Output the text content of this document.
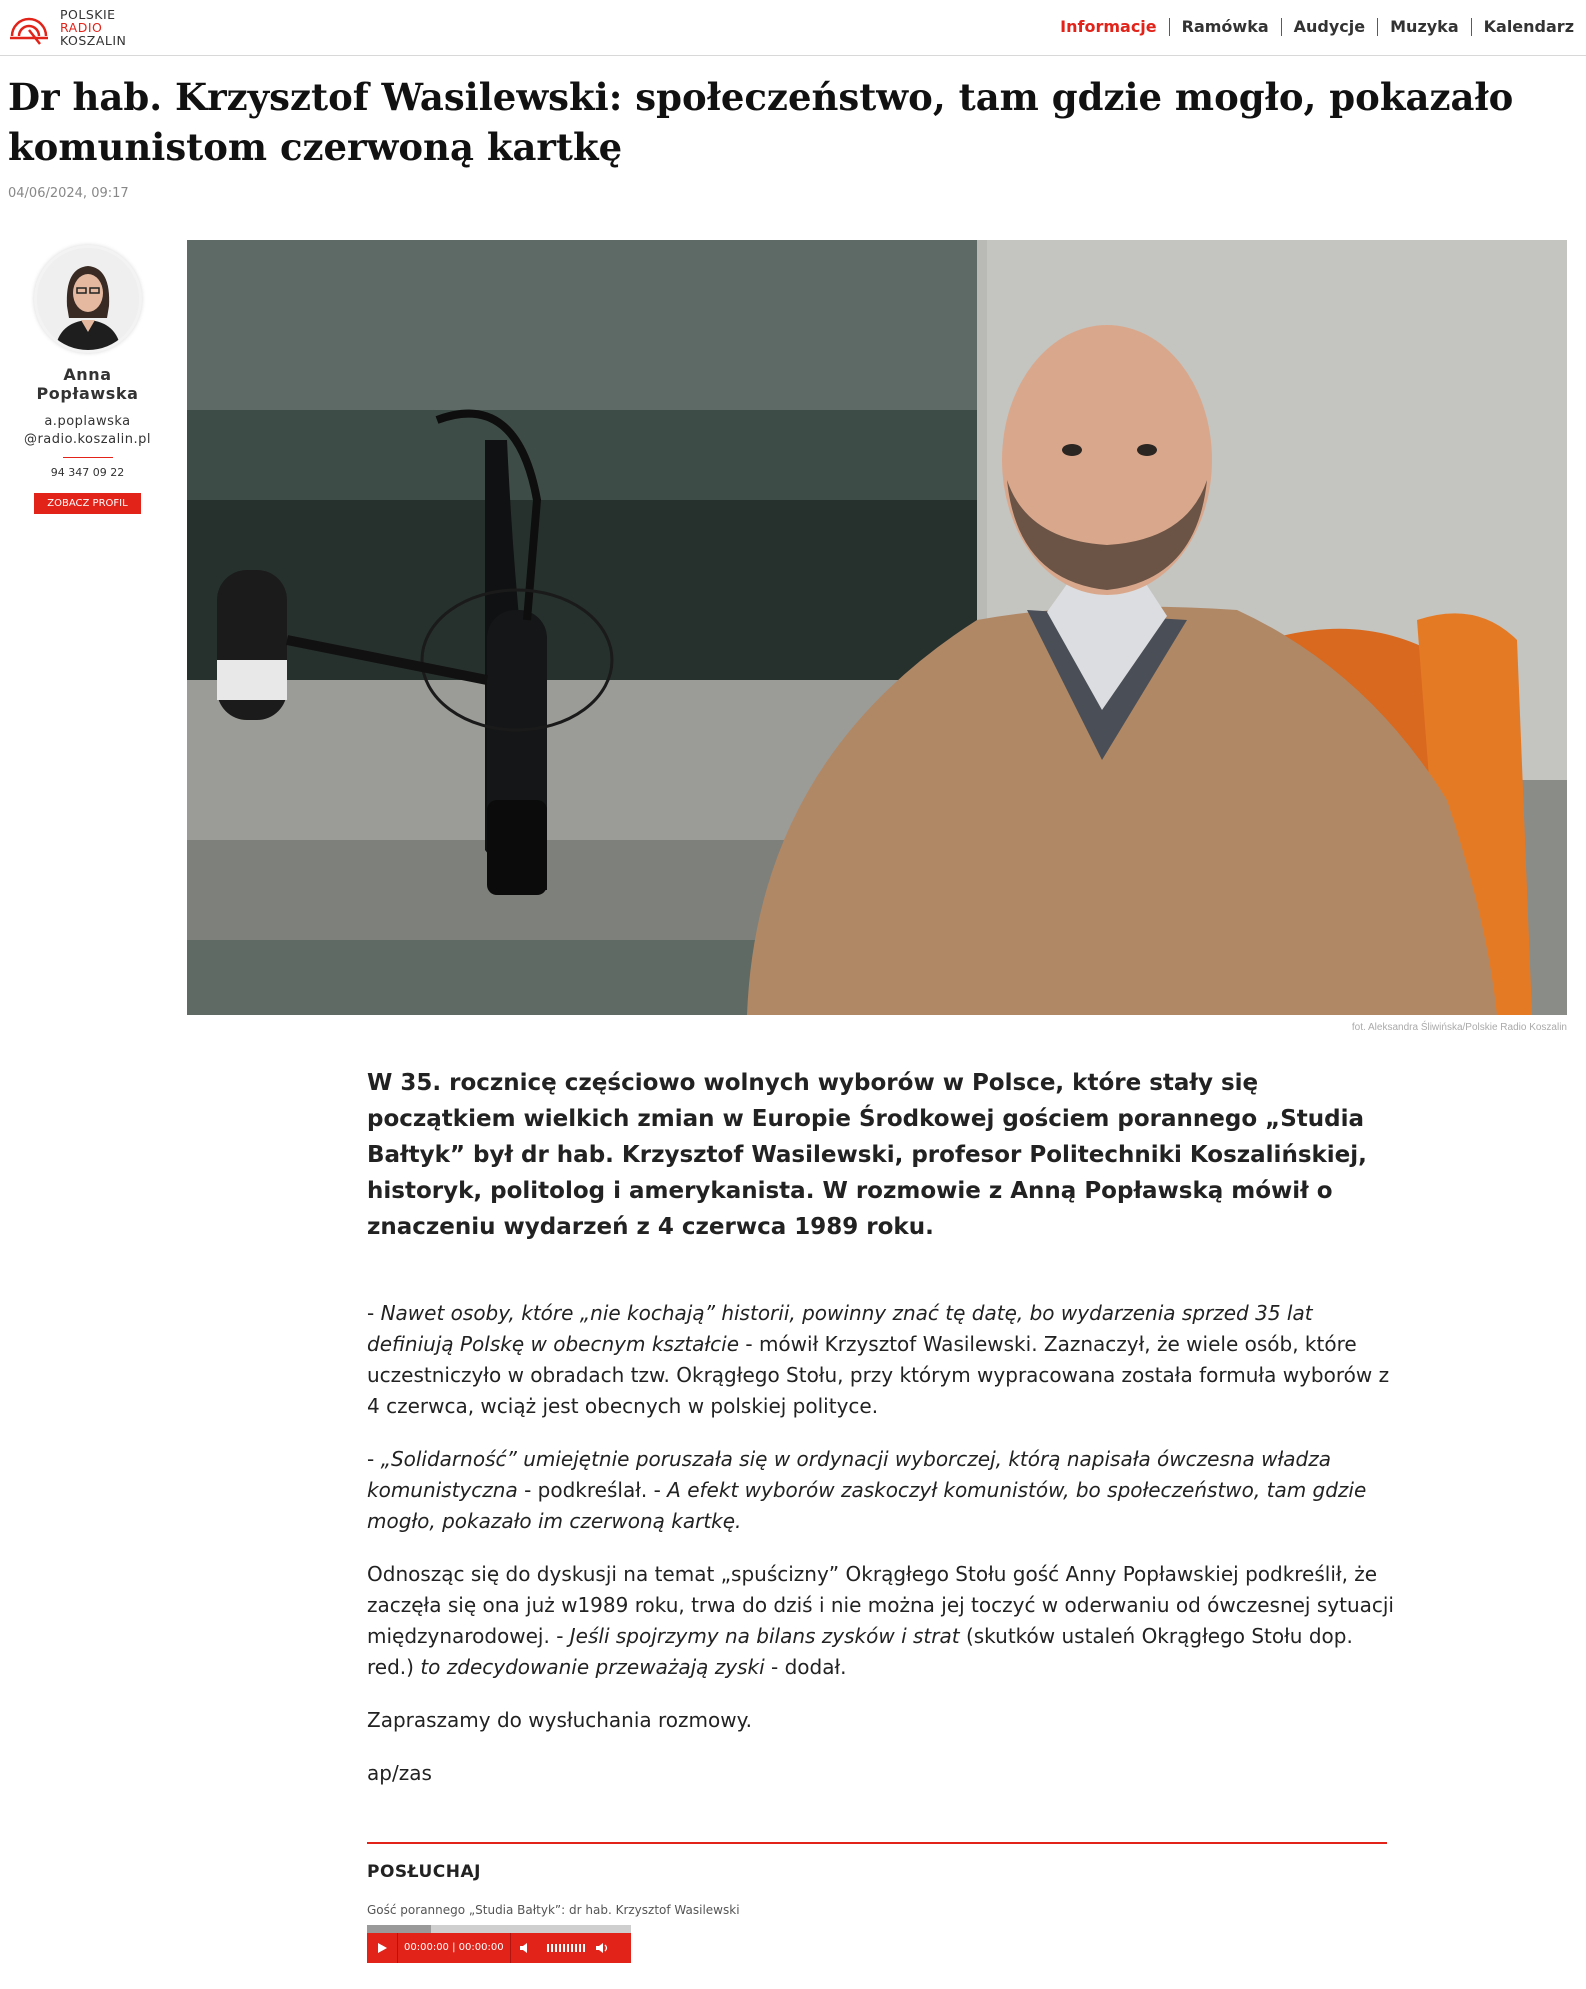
POLSKIE
RADIO
KOSZALIN
Informacje	Ramówka	Audycje	Muzyka	Kalendarz
Dr hab. Krzysztof Wasilewski: społeczeństwo, tam gdzie mogło, pokazało komunistom czerwoną kartkę
04/06/2024, 09:17
Anna Popławska
a.poplawska
@radio.koszalin.pl
94 347 09 22
ZOBACZ PROFIL
fot. Aleksandra Śliwińska/Polskie Radio Koszalin

W 35. rocznicę częściowo wolnych wyborów w Polsce, które stały się początkiem wielkich zmian w Europie Środkowej gościem porannego „Studia Bałtyk” był dr hab. Krzysztof Wasilewski, profesor Politechniki Koszalińskiej, historyk, politolog i amerykanista. W rozmowie z Anną Popławską mówił o znaczeniu wydarzeń z 4 czerwca 1989 roku.

- Nawet osoby, które „nie kochają” historii, powinny znać tę datę, bo wydarzenia sprzed 35 lat definiują Polskę w obecnym kształcie - mówił Krzysztof Wasilewski. Zaznaczył, że wiele osób, które uczestniczyło w obradach tzw. Okrągłego Stołu, przy którym wypracowana została formuła wyborów z 4 czerwca, wciąż jest obecnych w polskiej polityce.

- „Solidarność” umiejętnie poruszała się w ordynacji wyborczej, którą napisała ówczesna władza komunistyczna - podkreślał. - A efekt wyborów zaskoczył komunistów, bo społeczeństwo, tam gdzie mogło, pokazało im czerwoną kartkę.

Odnosząc się do dyskusji na temat „spuścizny” Okrągłego Stołu gość Anny Popławskiej podkreślił, że zaczęła się ona już w1989 roku, trwa do dziś i nie można jej toczyć w oderwaniu od ówczesnej sytuacji międzynarodowej. - Jeśli spojrzymy na bilans zysków i strat (skutków ustaleń Okrągłego Stołu dop. red.) to zdecydowanie przeważają zyski - dodał.

Zapraszamy do wysłuchania rozmowy.

ap/zas

POSŁUCHAJ
Gość porannego „Studia Bałtyk”: dr hab. Krzysztof Wasilewski
00:00:00 | 00:00:00
